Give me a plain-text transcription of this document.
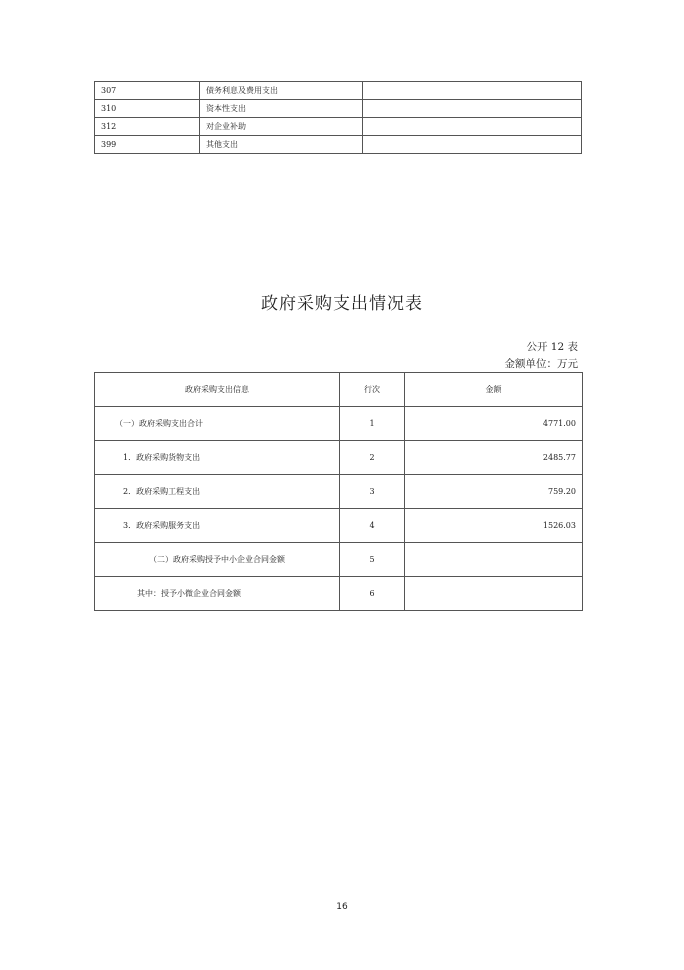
307	债务利息及费用支出	
310	资本性支出	
312	对企业补助	
399	其他支出	
政府采购支出情况表
公开 12 表
金额单位：万元
政府采购支出信息	行次	金额
（一）政府采购支出合计	1	4771.00
1．政府采购货物支出	2	2485.77
2．政府采购工程支出	3	759.20
3．政府采购服务支出	4	1526.03
（二）政府采购授予中小企业合同金额	5	
其中：授予小微企业合同金额	6	
16
